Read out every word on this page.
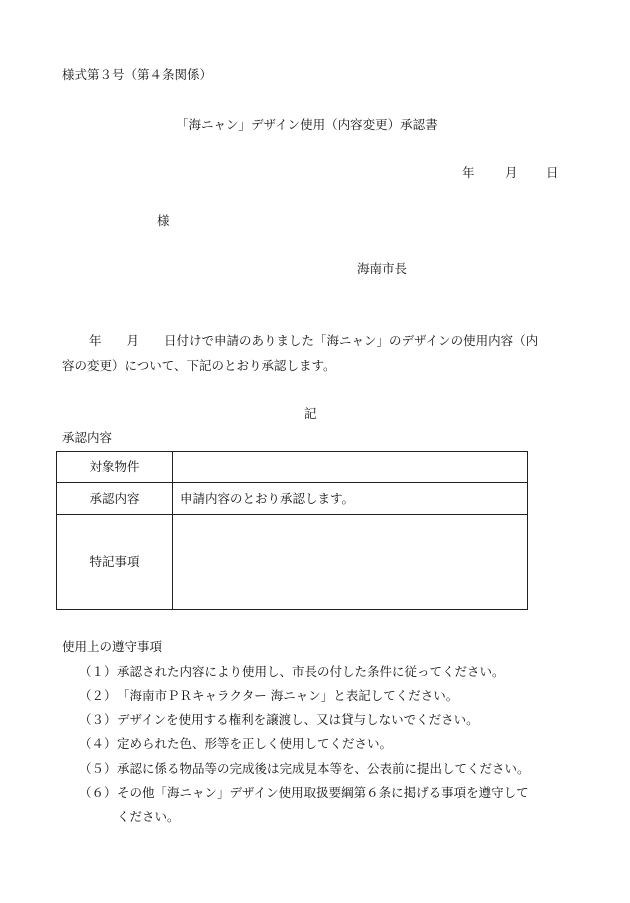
様式第３号（第４条関係）
「海ニャン」デザイン使用（内容変更）承認書
年 月 日
様
海南市長
年　　月　　日付けで申請のありました「海ニャン」のデザインの使用内容（内
容の変更）について、下記のとおり承認します。
記
承認内容
対象物件	
承認内容	申請内容のとおり承認します。
特記事項	
使用上の遵守事項
（１）承認された内容により使用し、市長の付した条件に従ってください。
（２）「海南市ＰＲキャラクター 海ニャン」と表記してください。
（３）デザインを使用する権利を譲渡し、又は貸与しないでください。
（４）定められた色、形等を正しく使用してください。
（５）承認に係る物品等の完成後は完成見本等を、公表前に提出してください。
（６）その他「海ニャン」デザイン使用取扱要綱第６条に掲げる事項を遵守して
ください。
